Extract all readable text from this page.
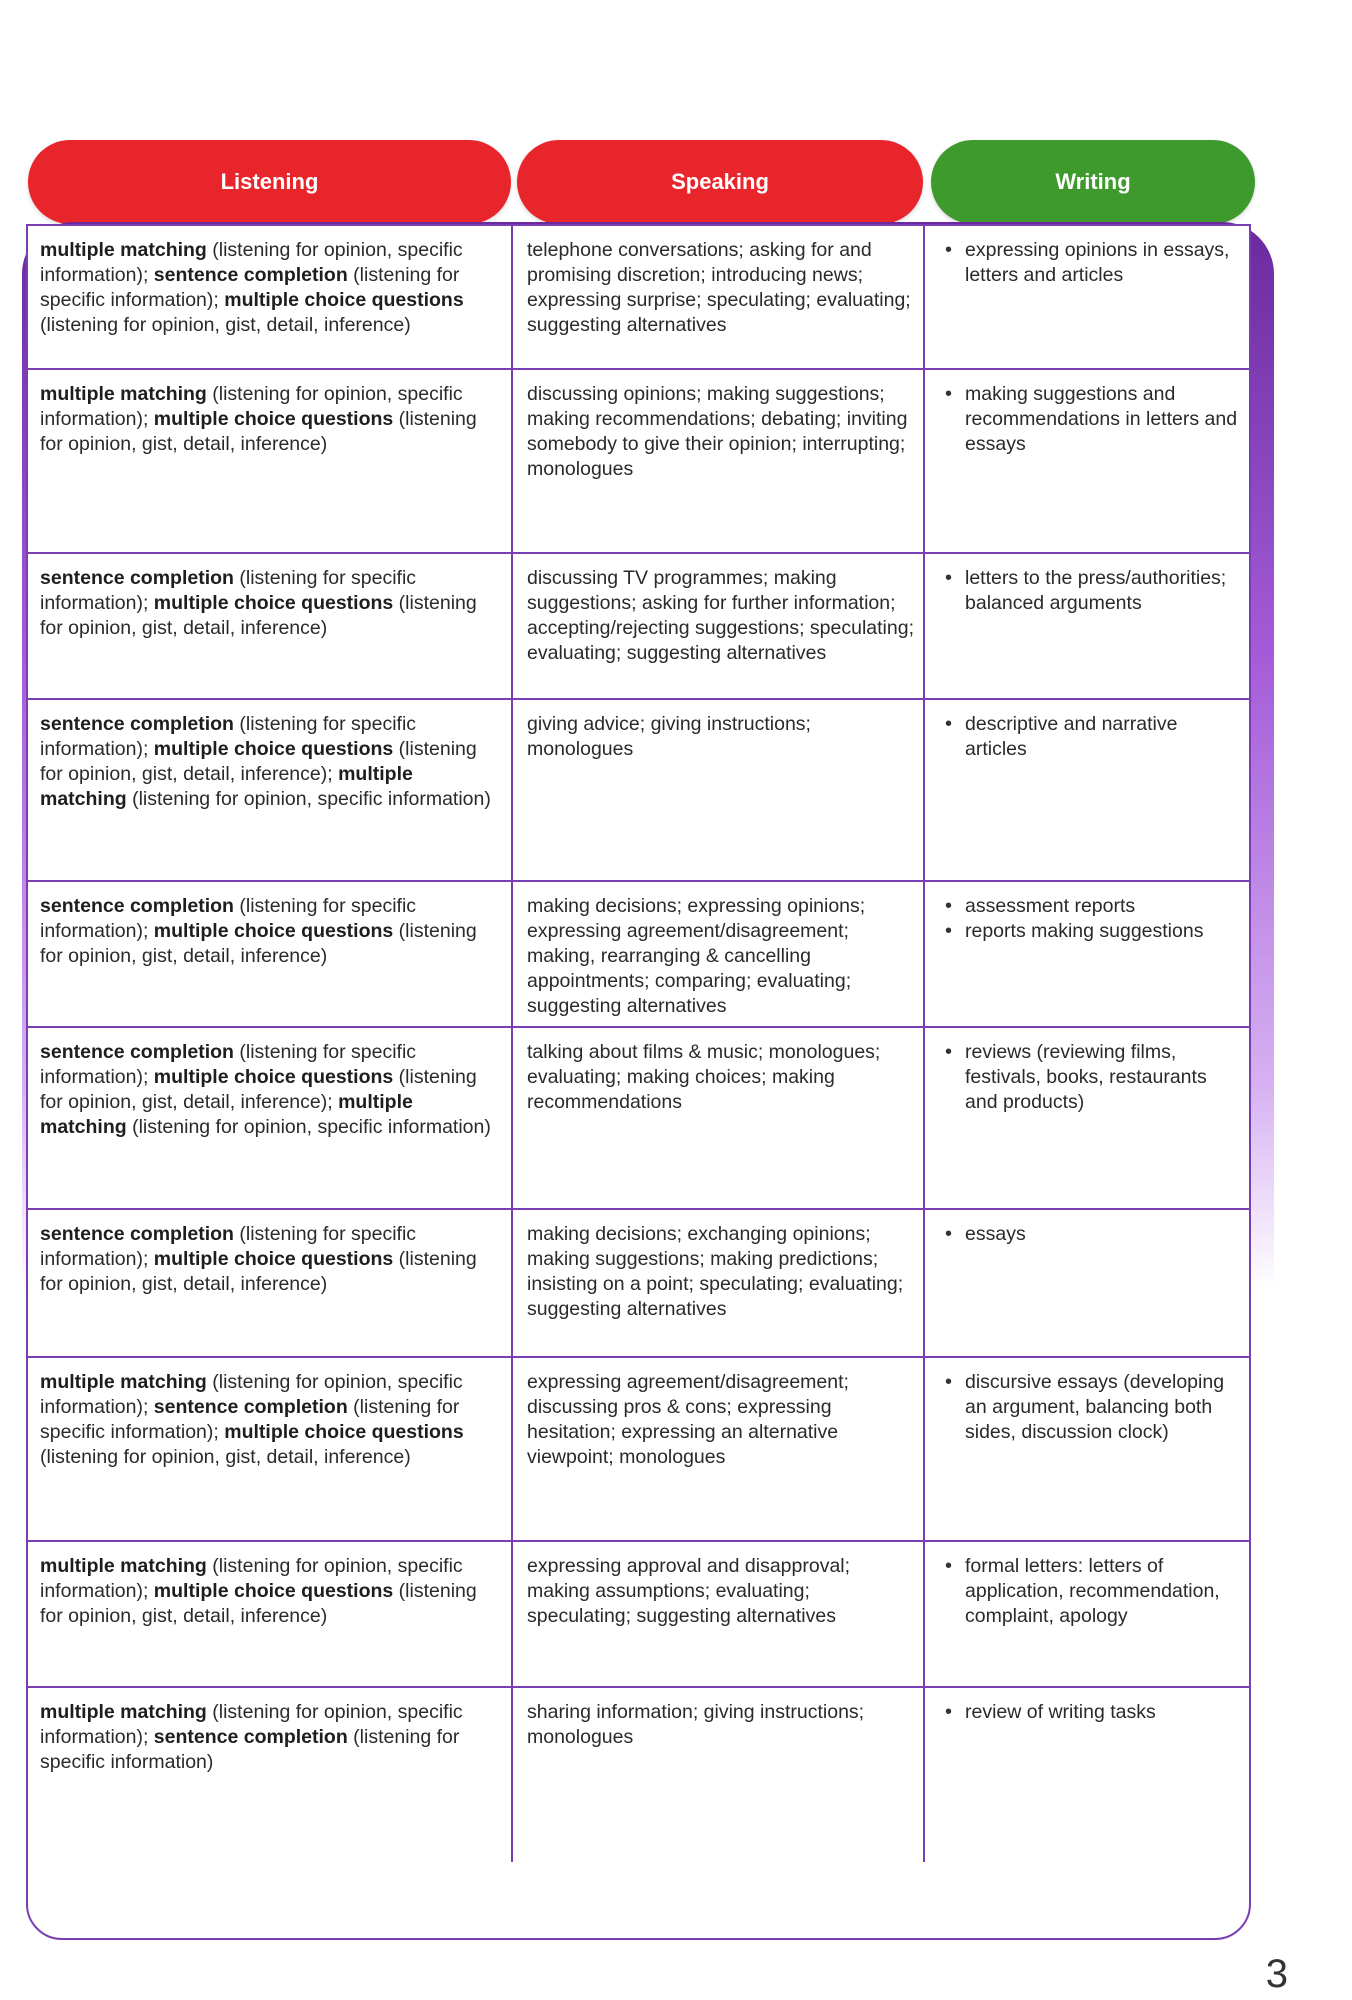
Listening	Speaking	Writing
multiple matching (listening for opinion, specific information); sentence completion (listening for specific information); multiple choice questions (listening for opinion, gist, detail, inference)
telephone conversations; asking for and promising discretion; introducing news; expressing surprise; speculating; evaluating; suggesting alternatives
• expressing opinions in essays, letters and articles
multiple matching (listening for opinion, specific information); multiple choice questions (listening for opinion, gist, detail, inference)
discussing opinions; making suggestions; making recommendations; debating; inviting somebody to give their opinion; interrupting; monologues
• making suggestions and recommendations in letters and essays
sentence completion (listening for specific information); multiple choice questions (listening for opinion, gist, detail, inference)
discussing TV programmes; making suggestions; asking for further information; accepting/rejecting suggestions; speculating; evaluating; suggesting alternatives
• letters to the press/authorities; balanced arguments
sentence completion (listening for specific information); multiple choice questions (listening for opinion, gist, detail, inference); multiple matching (listening for opinion, specific information)
giving advice; giving instructions; monologues
• descriptive and narrative articles
sentence completion (listening for specific information); multiple choice questions (listening for opinion, gist, detail, inference)
making decisions; expressing opinions; expressing agreement/disagreement; making, rearranging & cancelling appointments; comparing; evaluating; suggesting alternatives
• assessment reports
• reports making suggestions
sentence completion (listening for specific information); multiple choice questions (listening for opinion, gist, detail, inference); multiple matching (listening for opinion, specific information)
talking about films & music; monologues; evaluating; making choices; making recommendations
• reviews (reviewing films, festivals, books, restaurants and products)
sentence completion (listening for specific information); multiple choice questions (listening for opinion, gist, detail, inference)
making decisions; exchanging opinions; making suggestions; making predictions; insisting on a point; speculating; evaluating; suggesting alternatives
• essays
multiple matching (listening for opinion, specific information); sentence completion (listening for specific information); multiple choice questions (listening for opinion, gist, detail, inference)
expressing agreement/disagreement; discussing pros & cons; expressing hesitation; expressing an alternative viewpoint; monologues
• discursive essays (developing an argument, balancing both sides, discussion clock)
multiple matching (listening for opinion, specific information); multiple choice questions (listening for opinion, gist, detail, inference)
expressing approval and disapproval; making assumptions; evaluating; speculating; suggesting alternatives
• formal letters: letters of application, recommendation, complaint, apology
multiple matching (listening for opinion, specific information); sentence completion (listening for specific information)
sharing information; giving instructions; monologues
• review of writing tasks
3
